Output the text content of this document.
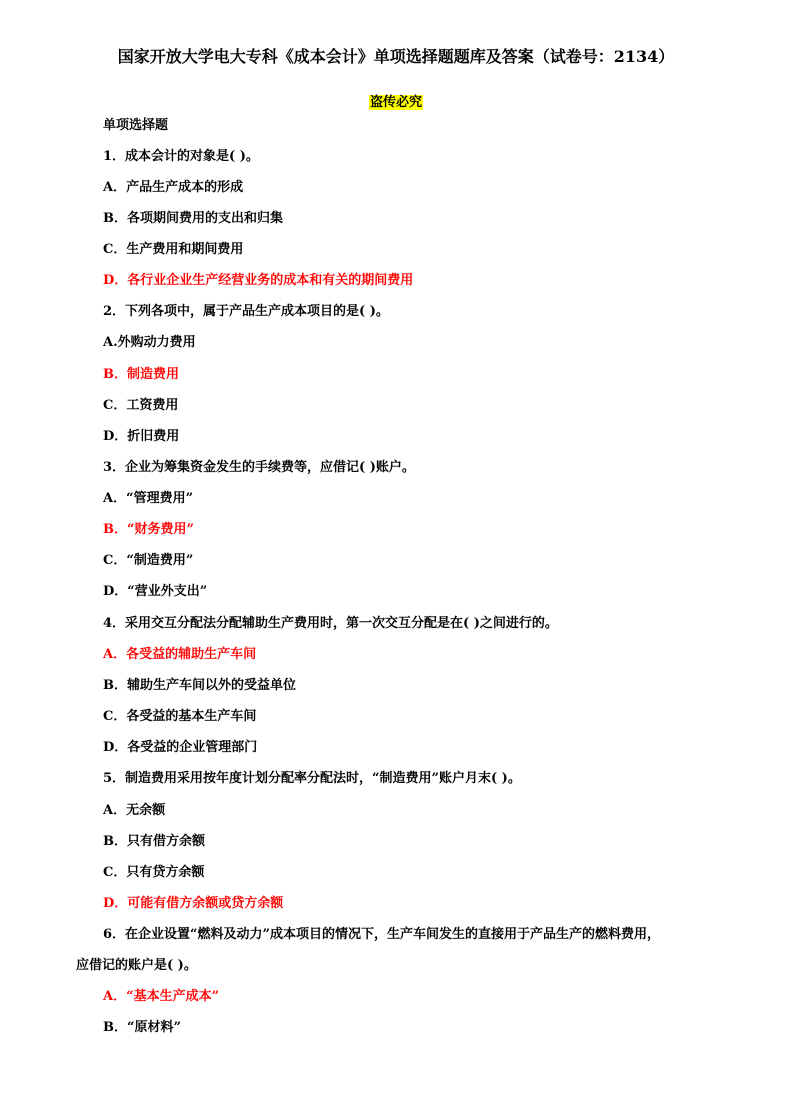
国家开放大学电大专科《成本会计》单项选择题题库及答案（试卷号：2134）
盗传必究
单项选择题
1．成本会计的对象是( )。
A．产品生产成本的形成
B．各项期间费用的支出和归集
C．生产费用和期间费用
D．各行业企业生产经营业务的成本和有关的期间费用
2．下列各项中，属于产品生产成本项目的是( )。
A.外购动力费用
B．制造费用
C．工资费用
D．折旧费用
3．企业为筹集资金发生的手续费等，应借记( )账户。
A．“管理费用”
B．“财务费用”
C．“制造费用”
D．“营业外支出”
4．采用交互分配法分配辅助生产费用时，第一次交互分配是在( )之间进行的。
A．各受益的辅助生产车间
B．辅助生产车间以外的受益单位
C．各受益的基本生产车间
D．各受益的企业管理部门
5．制造费用采用按年度计划分配率分配法时，“制造费用”账户月末( )。
A．无余额
B．只有借方余额
C．只有贷方余额
D．可能有借方余额或贷方余额
6．在企业设置“燃料及动力”成本项目的情况下，生产车间发生的直接用于产品生产的燃料费用，
应借记的账户是( )。
A．“基本生产成本”
B．“原材料”
